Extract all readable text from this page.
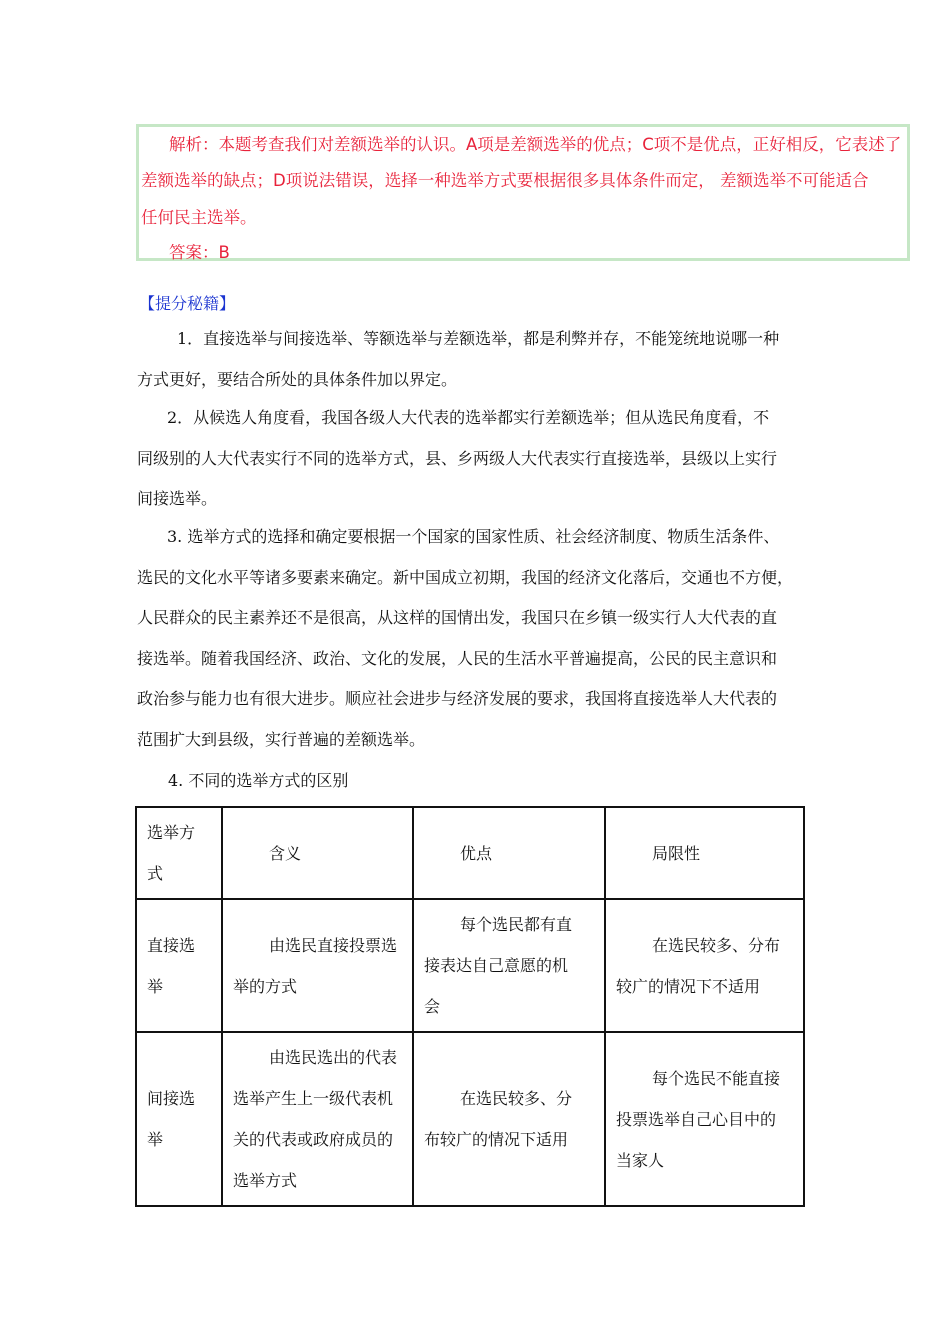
解析：本题考查我们对差额选举的认识。A项是差额选举的优点；C项不是优点，正好相反，它表述了
差额选举的缺点；D项说法错误，选择一种选举方式要根据很多具体条件而定， 差额选举不可能适合
任何民主选举。
答案：B
【提分秘籍】
1．直接选举与间接选举、等额选举与差额选举，都是利弊并存，不能笼统地说哪一种
方式更好，要结合所处的具体条件加以界定。
2．从候选人角度看，我国各级人大代表的选举都实行差额选举；但从选民角度看，不
同级别的人大代表实行不同的选举方式，县、乡两级人大代表实行直接选举，县级以上实行
间接选举。
3. 选举方式的选择和确定要根据一个国家的国家性质、社会经济制度、物质生活条件、
选民的文化水平等诸多要素来确定。新中国成立初期，我国的经济文化落后，交通也不方便，
人民群众的民主素养还不是很高，从这样的国情出发，我国只在乡镇一级实行人大代表的直
接选举。随着我国经济、政治、文化的发展，人民的生活水平普遍提高，公民的民主意识和
政治参与能力也有很大进步。顺应社会进步与经济发展的要求，我国将直接选举人大代表的
范围扩大到县级，实行普遍的差额选举。
4. 不同的选举方式的区别
选举方
式	含义	优点	局限性

直接选
举	由选民直接投票选
举的方式	每个选民都有直
接表达自己意愿的机
会	在选民较多、分布
较广的情况下不适用

间接选
举	由选民选出的代表
选举产生上一级代表机
关的代表或政府成员的
选举方式	在选民较多、分
布较广的情况下适用	每个选民不能直接
投票选举自己心目中的
当家人
